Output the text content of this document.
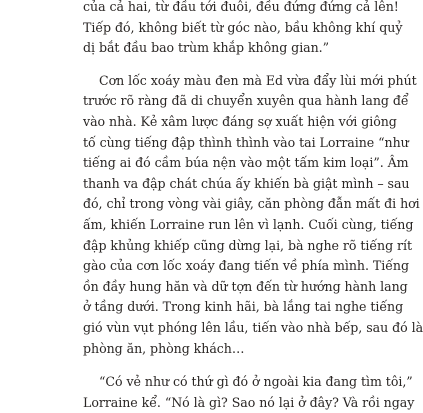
của cả hai, từ đầu tới đuôi, đều đứng đứng cả lên!
Tiếp đó, không biết từ góc nào, bầu không khí quỷ
dị bắt đầu bao trùm khắp không gian.”

Cơn lốc xoáy màu đen mà Ed vừa đẩy lùi mới phút
trước rõ ràng đã di chuyển xuyên qua hành lang để
vào nhà. Kẻ xâm lược đáng sợ xuất hiện với giông
tố cùng tiếng đập thình thình vào tai Lorraine “như
tiếng ai đó cầm búa nện vào một tấm kim loại”. Âm
thanh va đập chát chúa ấy khiến bà giật mình – sau
đó, chỉ trong vòng vài giây, căn phòng đẫn mất đi hơi
ấm, khiến Lorraine run lên vì lạnh. Cuối cùng, tiếng
đập khủng khiếp cũng dừng lại, bà nghe rõ tiếng rít
gào của cơn lốc xoáy đang tiến về phía mình. Tiếng
ồn đầy hung hăn và dữ tợn đến từ hướng hành lang
ở tầng dưới. Trong kinh hãi, bà lắng tai nghe tiếng
gió vùn vụt phóng lên lầu, tiến vào nhà bếp, sau đó là
phòng ăn, phòng khách…

“Có vẻ như có thứ gì đó ở ngoài kia đang tìm tôi,”
Lorraine kể. “Nó là gì? Sao nó lại ở đây? Và rồi ngay
